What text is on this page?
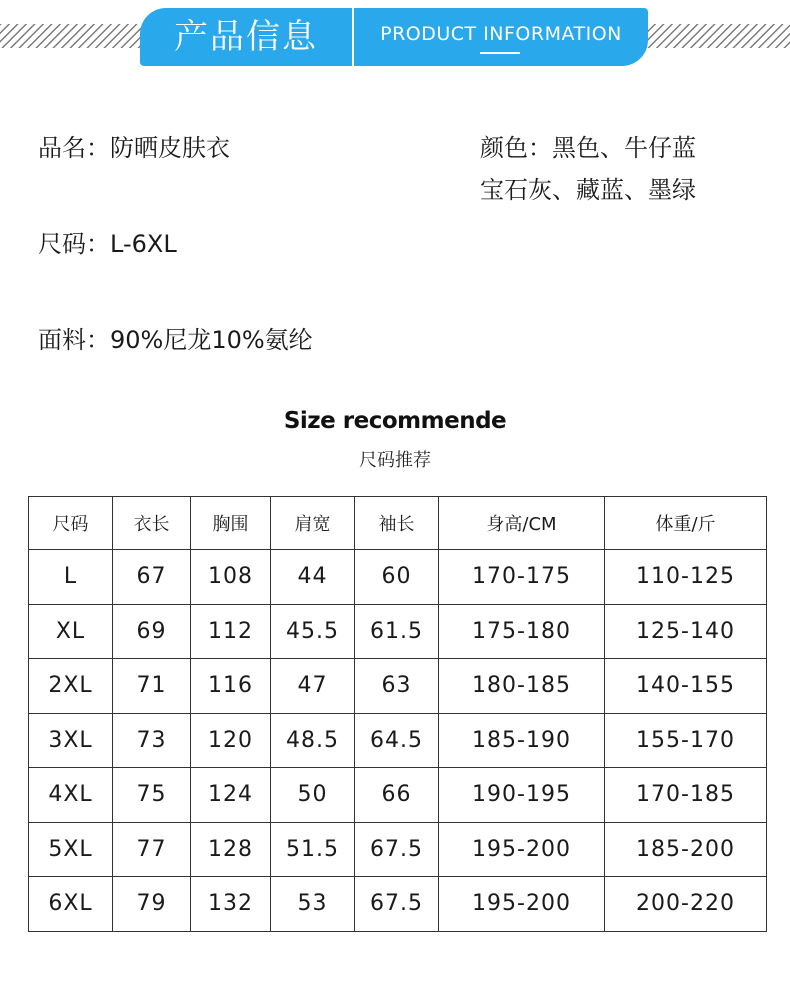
产品信息	PRODUCT INFORMATION
品名：防晒皮肤衣	颜色：黑色、牛仔蓝
宝石灰、藏蓝、墨绿
尺码：L-6XL
面料：90%尼龙10%氨纶
Size recommende
尺码推荐
尺码	衣长	胸围	肩宽	袖长	身高/CM	体重/斤
L	67	108	44	60	170-175	110-125
XL	69	112	45.5	61.5	175-180	125-140
2XL	71	116	47	63	180-185	140-155
3XL	73	120	48.5	64.5	185-190	155-170
4XL	75	124	50	66	190-195	170-185
5XL	77	128	51.5	67.5	195-200	185-200
6XL	79	132	53	67.5	195-200	200-220
